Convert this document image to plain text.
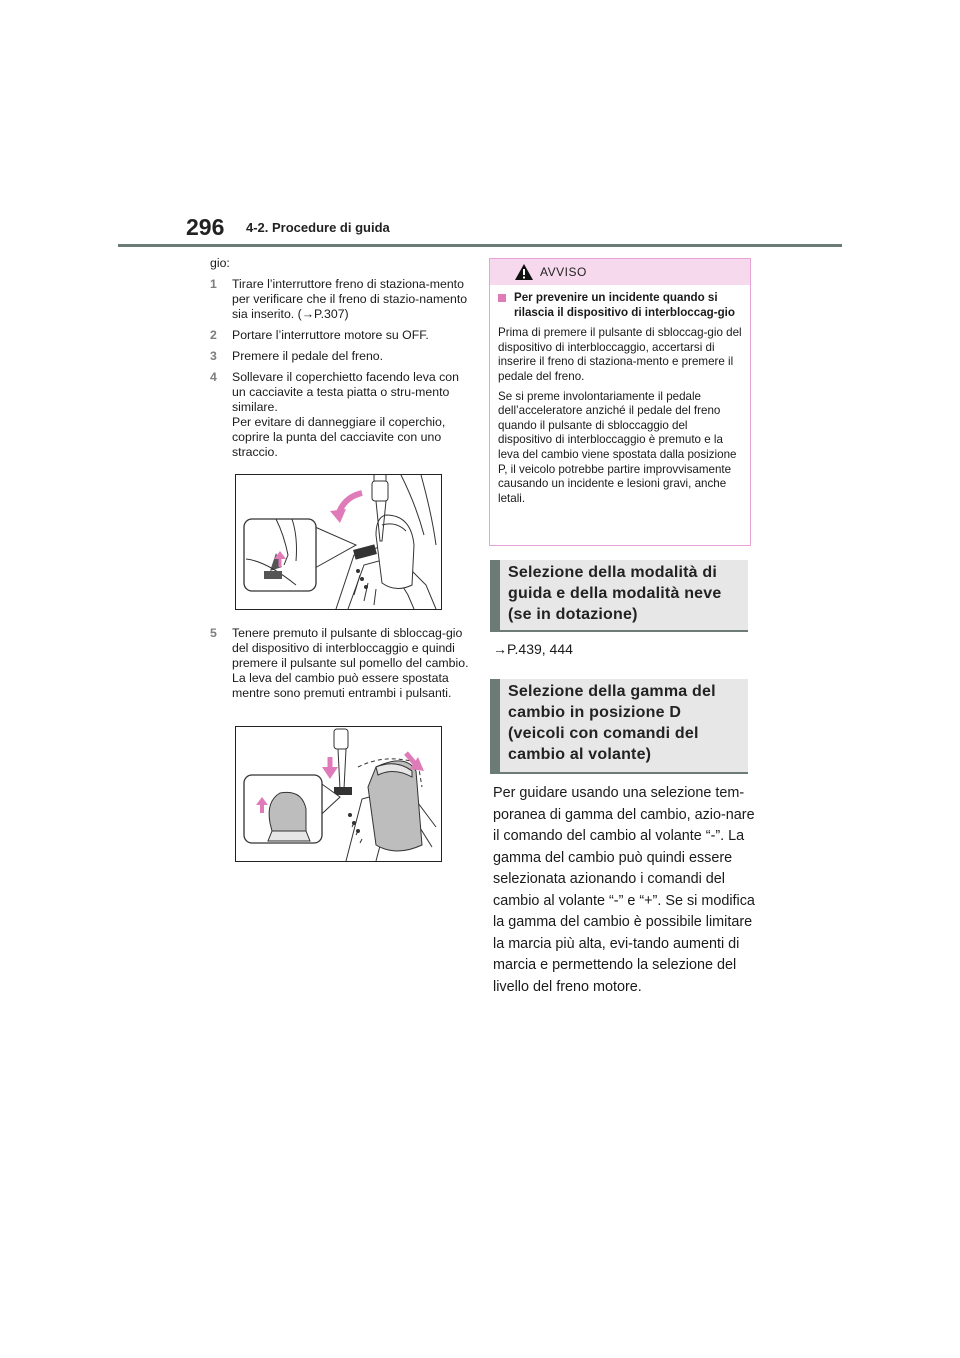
296 4-2. Procedure di guida

gio:

1	Tirare l’interruttore freno di staziona-mento per verificare che il freno di stazio-namento sia inserito. (→P.307)
2	Portare l’interruttore motore su OFF.
3	Premere il pedale del freno.
4	Sollevare il coperchietto facendo leva con un cacciavite a testa piatta o stru-mento similare.
Per evitare di danneggiare il coperchio, coprire la punta del cacciavite con uno straccio.
5	Tenere premuto il pulsante di sbloccag-gio del dispositivo di interbloccaggio e quindi premere il pulsante sul pomello del cambio.
La leva del cambio può essere spostata mentre sono premuti entrambi i pulsanti.
AVVISO

Per prevenire un incidente quando si rilascia il dispositivo di interbloccag-gio

Prima di premere il pulsante di sbloccag-gio del dispositivo di interbloccaggio, accertarsi di inserire il freno di staziona-mento e premere il pedale del freno.

Se si preme involontariamente il pedale dell’acceleratore anziché il pedale del freno quando il pulsante di sbloccaggio del dispositivo di interbloccaggio è premuto e la leva del cambio viene spostata dalla posizione P, il veicolo potrebbe partire improvvisamente causando un incidente e lesioni gravi, anche letali.

Selezione della modalità di guida e della modalità neve (se in dotazione)
→P.439, 444
Selezione della gamma del cambio in posizione D (veicoli con comandi del cambio al volante)

Per guidare usando una selezione tem-poranea di gamma del cambio, azio-nare il comando del cambio al volante “-”. La gamma del cambio può quindi essere selezionata azionando i comandi del cambio al volante “-” e “+”. Se si modifica la gamma del cambio è possibile limitare la marcia più alta, evi-tando aumenti di marcia e permettendo la selezione del livello del freno motore.
